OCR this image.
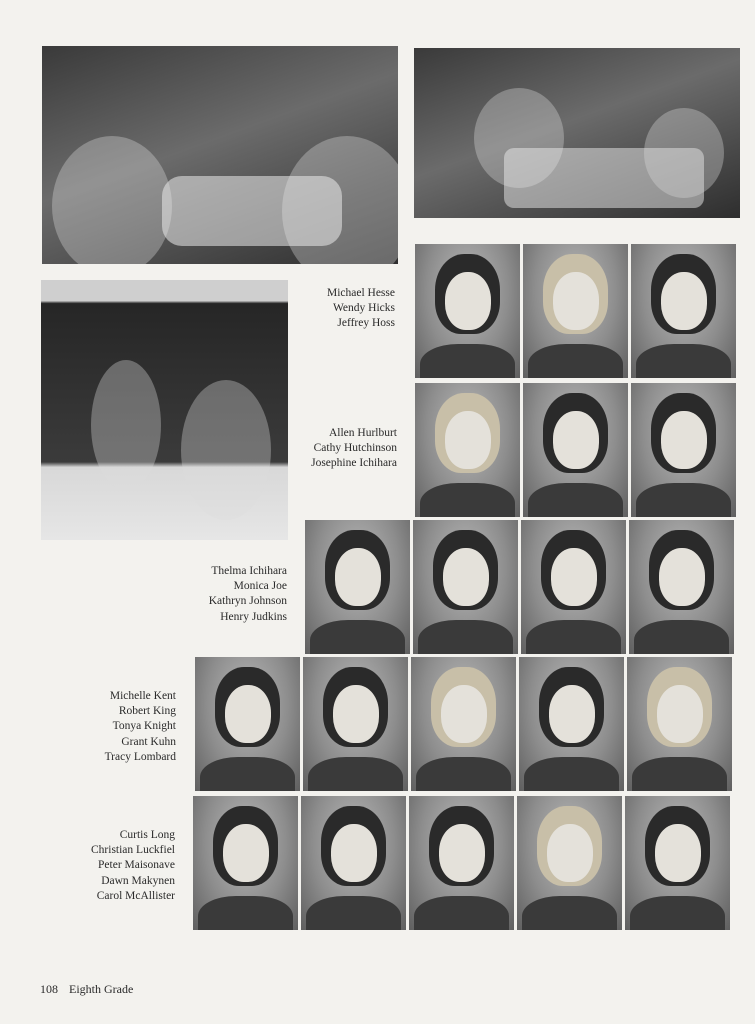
Michael Hesse
Wendy Hicks
Jeffrey Hoss
Allen Hurlburt
Cathy Hutchinson
Josephine Ichihara
Thelma Ichihara
Monica Joe
Kathryn Johnson
Henry Judkins
Michelle Kent
Robert King
Tonya Knight
Grant Kuhn
Tracy Lombard
Curtis Long
Christian Luckfiel
Peter Maisonave
Dawn Makynen
Carol McAllister
108 Eighth Grade
